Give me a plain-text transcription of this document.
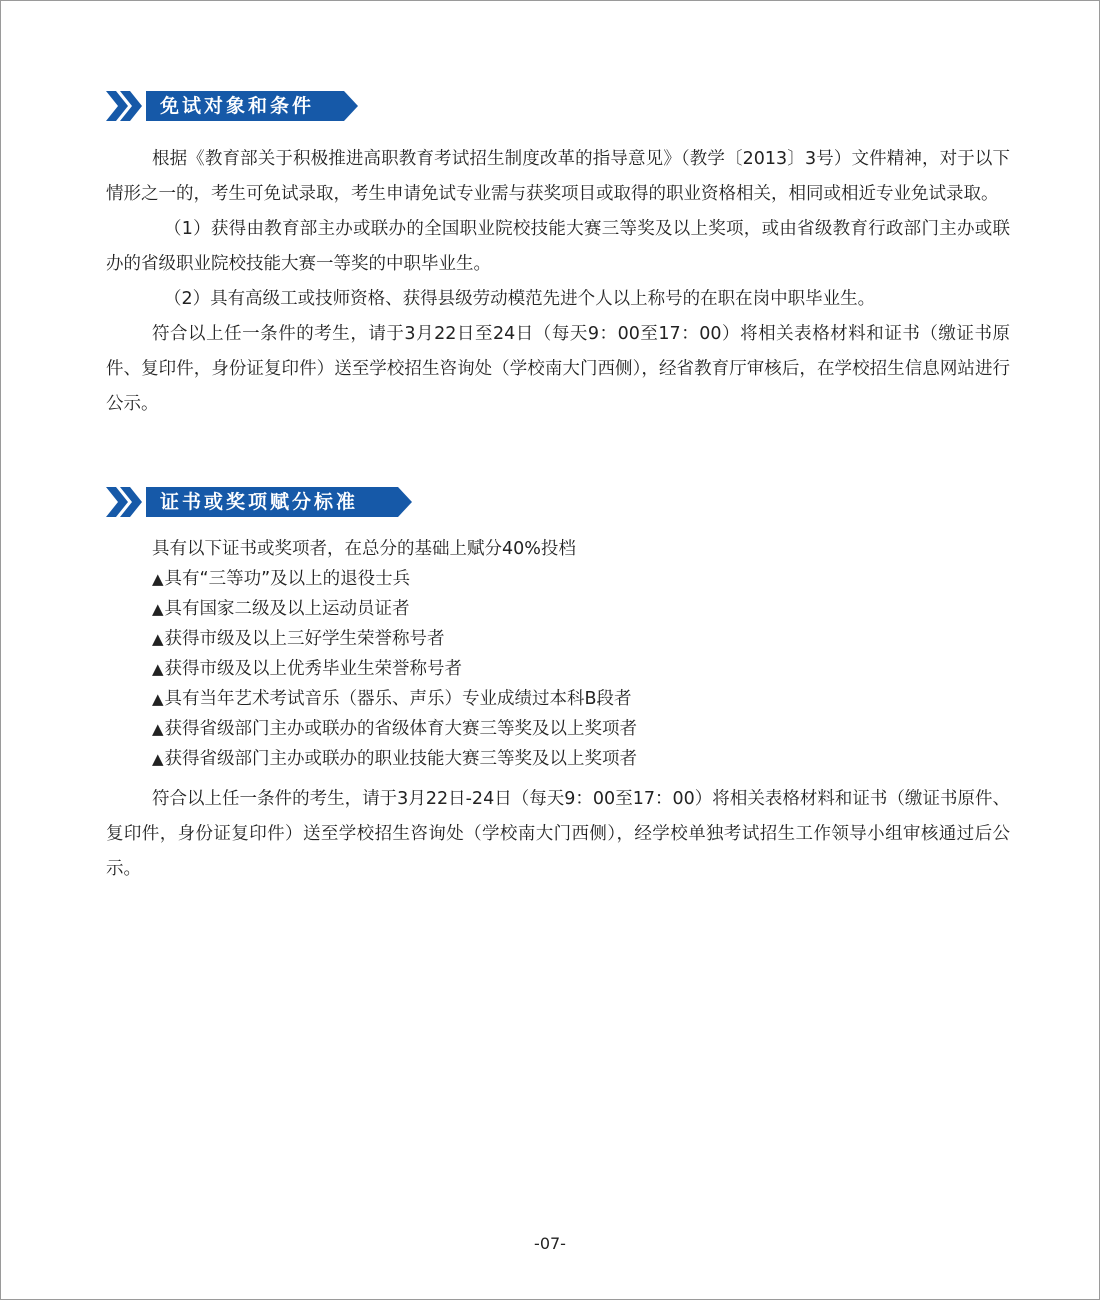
免试对象和条件

根据《教育部关于积极推进高职教育考试招生制度改革的指导意见》（教学〔2013〕3号）文件精神，对于以下情形之一的，考生可免试录取，考生申请免试专业需与获奖项目或取得的职业资格相关，相同或相近专业免试录取。

（1）获得由教育部主办或联办的全国职业院校技能大赛三等奖及以上奖项，或由省级教育行政部门主办或联办的省级职业院校技能大赛一等奖的中职毕业生。

（2）具有高级工或技师资格、获得县级劳动模范先进个人以上称号的在职在岗中职毕业生。

符合以上任一条件的考生，请于3月22日至24日（每天9：00至17：00）将相关表格材料和证书（缴证书原件、复印件，身份证复印件）送至学校招生咨询处（学校南大门西侧），经省教育厅审核后，在学校招生信息网站进行公示。

证书或奖项赋分标准
具有以下证书或奖项者，在总分的基础上赋分40%投档
▲具有“三等功”及以上的退役士兵
▲具有国家二级及以上运动员证者
▲获得市级及以上三好学生荣誉称号者
▲获得市级及以上优秀毕业生荣誉称号者
▲具有当年艺术考试音乐（器乐、声乐）专业成绩过本科B段者
▲获得省级部门主办或联办的省级体育大赛三等奖及以上奖项者
▲获得省级部门主办或联办的职业技能大赛三等奖及以上奖项者

符合以上任一条件的考生，请于3月22日-24日（每天9：00至17：00）将相关表格材料和证书（缴证书原件、复印件，身份证复印件）送至学校招生咨询处（学校南大门西侧），经学校单独考试招生工作领导小组审核通过后公示。

-07-
